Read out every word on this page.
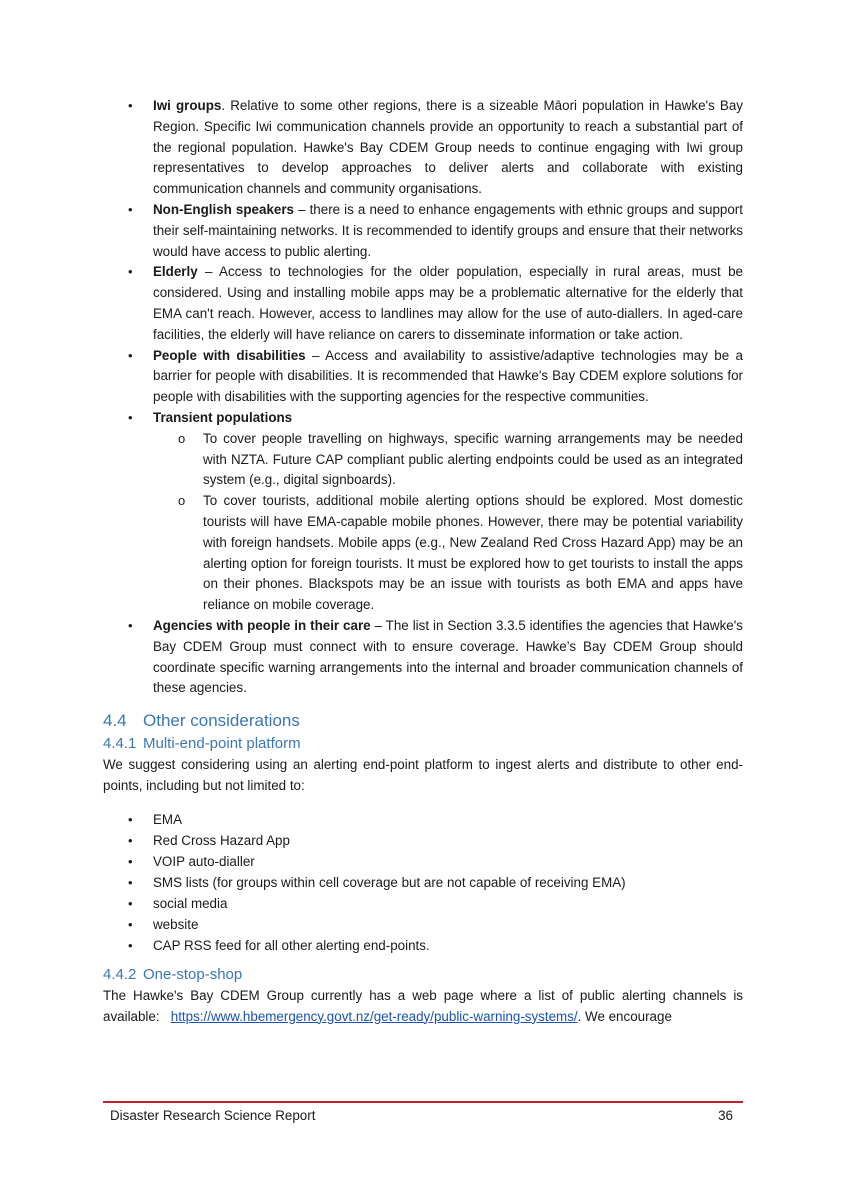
• Iwi groups. Relative to some other regions, there is a sizeable Māori population in Hawke's Bay Region. Specific Iwi communication channels provide an opportunity to reach a substantial part of the regional population. Hawke's Bay CDEM Group needs to continue engaging with Iwi group representatives to develop approaches to deliver alerts and collaborate with existing communication channels and community organisations.

• Non-English speakers – there is a need to enhance engagements with ethnic groups and support their self-maintaining networks. It is recommended to identify groups and ensure that their networks would have access to public alerting.

• Elderly – Access to technologies for the older population, especially in rural areas, must be considered. Using and installing mobile apps may be a problematic alternative for the elderly that EMA can't reach. However, access to landlines may allow for the use of auto-diallers. In aged-care facilities, the elderly will have reliance on carers to disseminate information or take action.

• People with disabilities – Access and availability to assistive/adaptive technologies may be a barrier for people with disabilities. It is recommended that Hawke's Bay CDEM explore solutions for people with disabilities with the supporting agencies for the respective communities.

• Transient populations

o To cover people travelling on highways, specific warning arrangements may be needed with NZTA. Future CAP compliant public alerting endpoints could be used as an integrated system (e.g., digital signboards).

o To cover tourists, additional mobile alerting options should be explored. Most domestic tourists will have EMA-capable mobile phones. However, there may be potential variability with foreign handsets. Mobile apps (e.g., New Zealand Red Cross Hazard App) may be an alerting option for foreign tourists. It must be explored how to get tourists to install the apps on their phones. Blackspots may be an issue with tourists as both EMA and apps have reliance on mobile coverage.

• Agencies with people in their care – The list in Section 3.3.5 identifies the agencies that Hawke's Bay CDEM Group must connect with to ensure coverage. Hawke’s Bay CDEM Group should coordinate specific warning arrangements into the internal and broader communication channels of these agencies.

4.4 Other considerations
4.4.1 Multi-end-point platform

We suggest considering using an alerting end-point platform to ingest alerts and distribute to other end-points, including but not limited to:

• EMA
• Red Cross Hazard App
• VOIP auto-dialler
• SMS lists (for groups within cell coverage but are not capable of receiving EMA)
• social media
• website
• CAP RSS feed for all other alerting end-points.
4.4.2 One-stop-shop

The Hawke's Bay CDEM Group currently has a web page where a list of public alerting channels is available: https://www.hbemergency.govt.nz/get-ready/public-warning-systems/. We encourage

Disaster Research Science Report	36
